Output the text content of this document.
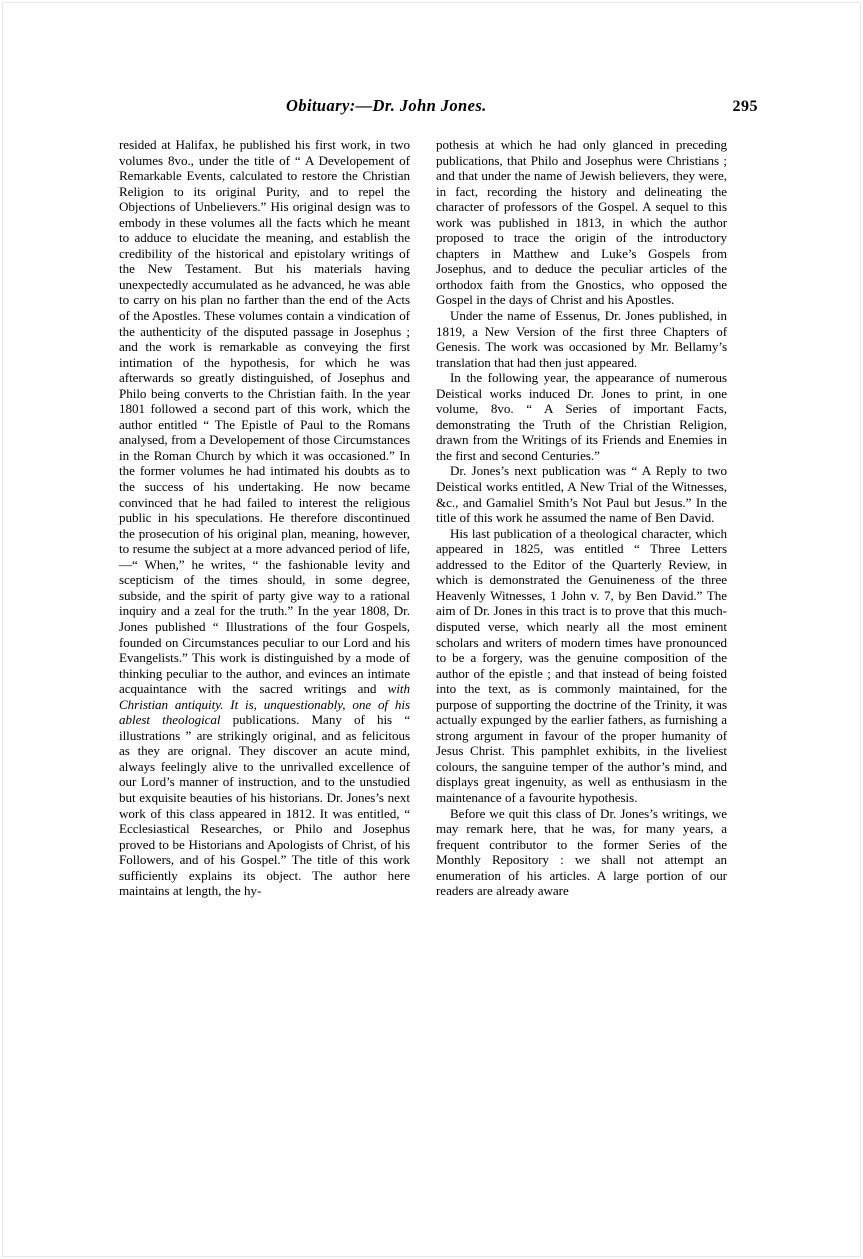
Obituary:—Dr. John Jones.	295

resided at Halifax, he published his first work, in two volumes 8vo., under the title of “ A Developement of Remarkable Events, calculated to restore the Christian Religion to its original Purity, and to repel the Objections of Unbelievers.” His original design was to embody in these volumes all the facts which he meant to adduce to elucidate the meaning, and establish the credibility of the historical and epistolary writings of the New Testament. But his materials having unexpectedly accumulated as he advanced, he was able to carry on his plan no farther than the end of the Acts of the Apostles. These volumes contain a vindication of the authenticity of the disputed passage in Josephus ; and the work is remarkable as conveying the first intimation of the hypothesis, for which he was afterwards so greatly distinguished, of Josephus and Philo being converts to the Christian faith. In the year 1801 followed a second part of this work, which the author entitled “ The Epistle of Paul to the Romans analysed, from a Developement of those Circumstances in the Roman Church by which it was occasioned.” In the former volumes he had intimated his doubts as to the success of his undertaking. He now became convinced that he had failed to interest the religious public in his speculations. He therefore discontinued the prosecution of his original plan, meaning, however, to resume the subject at a more advanced period of life,—“ When,” he writes, “ the fashionable levity and scepticism of the times should, in some degree, subside, and the spirit of party give way to a rational inquiry and a zeal for the truth.” In the year 1808, Dr. Jones published “ Illustrations of the four Gospels, founded on Circumstances peculiar to our Lord and his Evangelists.” This work is distinguished by a mode of thinking peculiar to the author, and evinces an intimate acquaintance with the sacred writings and with Christian antiquity. It is, unquestionably, one of his ablest theological publications. Many of his “ illustrations ” are strikingly original, and as felicitous as they are orignal. They discover an acute mind, always feelingly alive to the unrivalled excellence of our Lord’s manner of instruction, and to the unstudied but exquisite beauties of his historians. Dr. Jones’s next work of this class appeared in 1812. It was entitled, “ Ecclesiastical Researches, or Philo and Josephus proved to be Historians and Apologists of Christ, of his Followers, and of his Gospel.” The title of this work sufficiently explains its object. The author here maintains at length, the hy-

pothesis at which he had only glanced in preceding publications, that Philo and Josephus were Christians ; and that under the name of Jewish believers, they were, in fact, recording the history and delineating the character of professors of the Gospel. A sequel to this work was published in 1813, in which the author proposed to trace the origin of the introductory chapters in Matthew and Luke’s Gospels from Josephus, and to deduce the peculiar articles of the orthodox faith from the Gnostics, who opposed the Gospel in the days of Christ and his Apostles.

Under the name of Essenus, Dr. Jones published, in 1819, a New Version of the first three Chapters of Genesis. The work was occasioned by Mr. Bellamy’s translation that had then just appeared.

In the following year, the appearance of numerous Deistical works induced Dr. Jones to print, in one volume, 8vo. “ A Series of important Facts, demonstrating the Truth of the Christian Religion, drawn from the Writings of its Friends and Enemies in the first and second Centuries.”

Dr. Jones’s next publication was “ A Reply to two Deistical works entitled, A New Trial of the Witnesses, &c., and Gamaliel Smith’s Not Paul but Jesus.” In the title of this work he assumed the name of Ben David.

His last publication of a theological character, which appeared in 1825, was entitled “ Three Letters addressed to the Editor of the Quarterly Review, in which is demonstrated the Genuineness of the three Heavenly Witnesses, 1 John v. 7, by Ben David.” The aim of Dr. Jones in this tract is to prove that this much-disputed verse, which nearly all the most eminent scholars and writers of modern times have pronounced to be a forgery, was the genuine composition of the author of the epistle ; and that instead of being foisted into the text, as is commonly maintained, for the purpose of supporting the doctrine of the Trinity, it was actually expunged by the earlier fathers, as furnishing a strong argument in favour of the proper humanity of Jesus Christ. This pamphlet exhibits, in the liveliest colours, the sanguine temper of the author’s mind, and displays great ingenuity, as well as enthusiasm in the maintenance of a favourite hypothesis.

Before we quit this class of Dr. Jones’s writings, we may remark here, that he was, for many years, a frequent contributor to the former Series of the Monthly Repository : we shall not attempt an enumeration of his articles. A large portion of our readers are already aware
